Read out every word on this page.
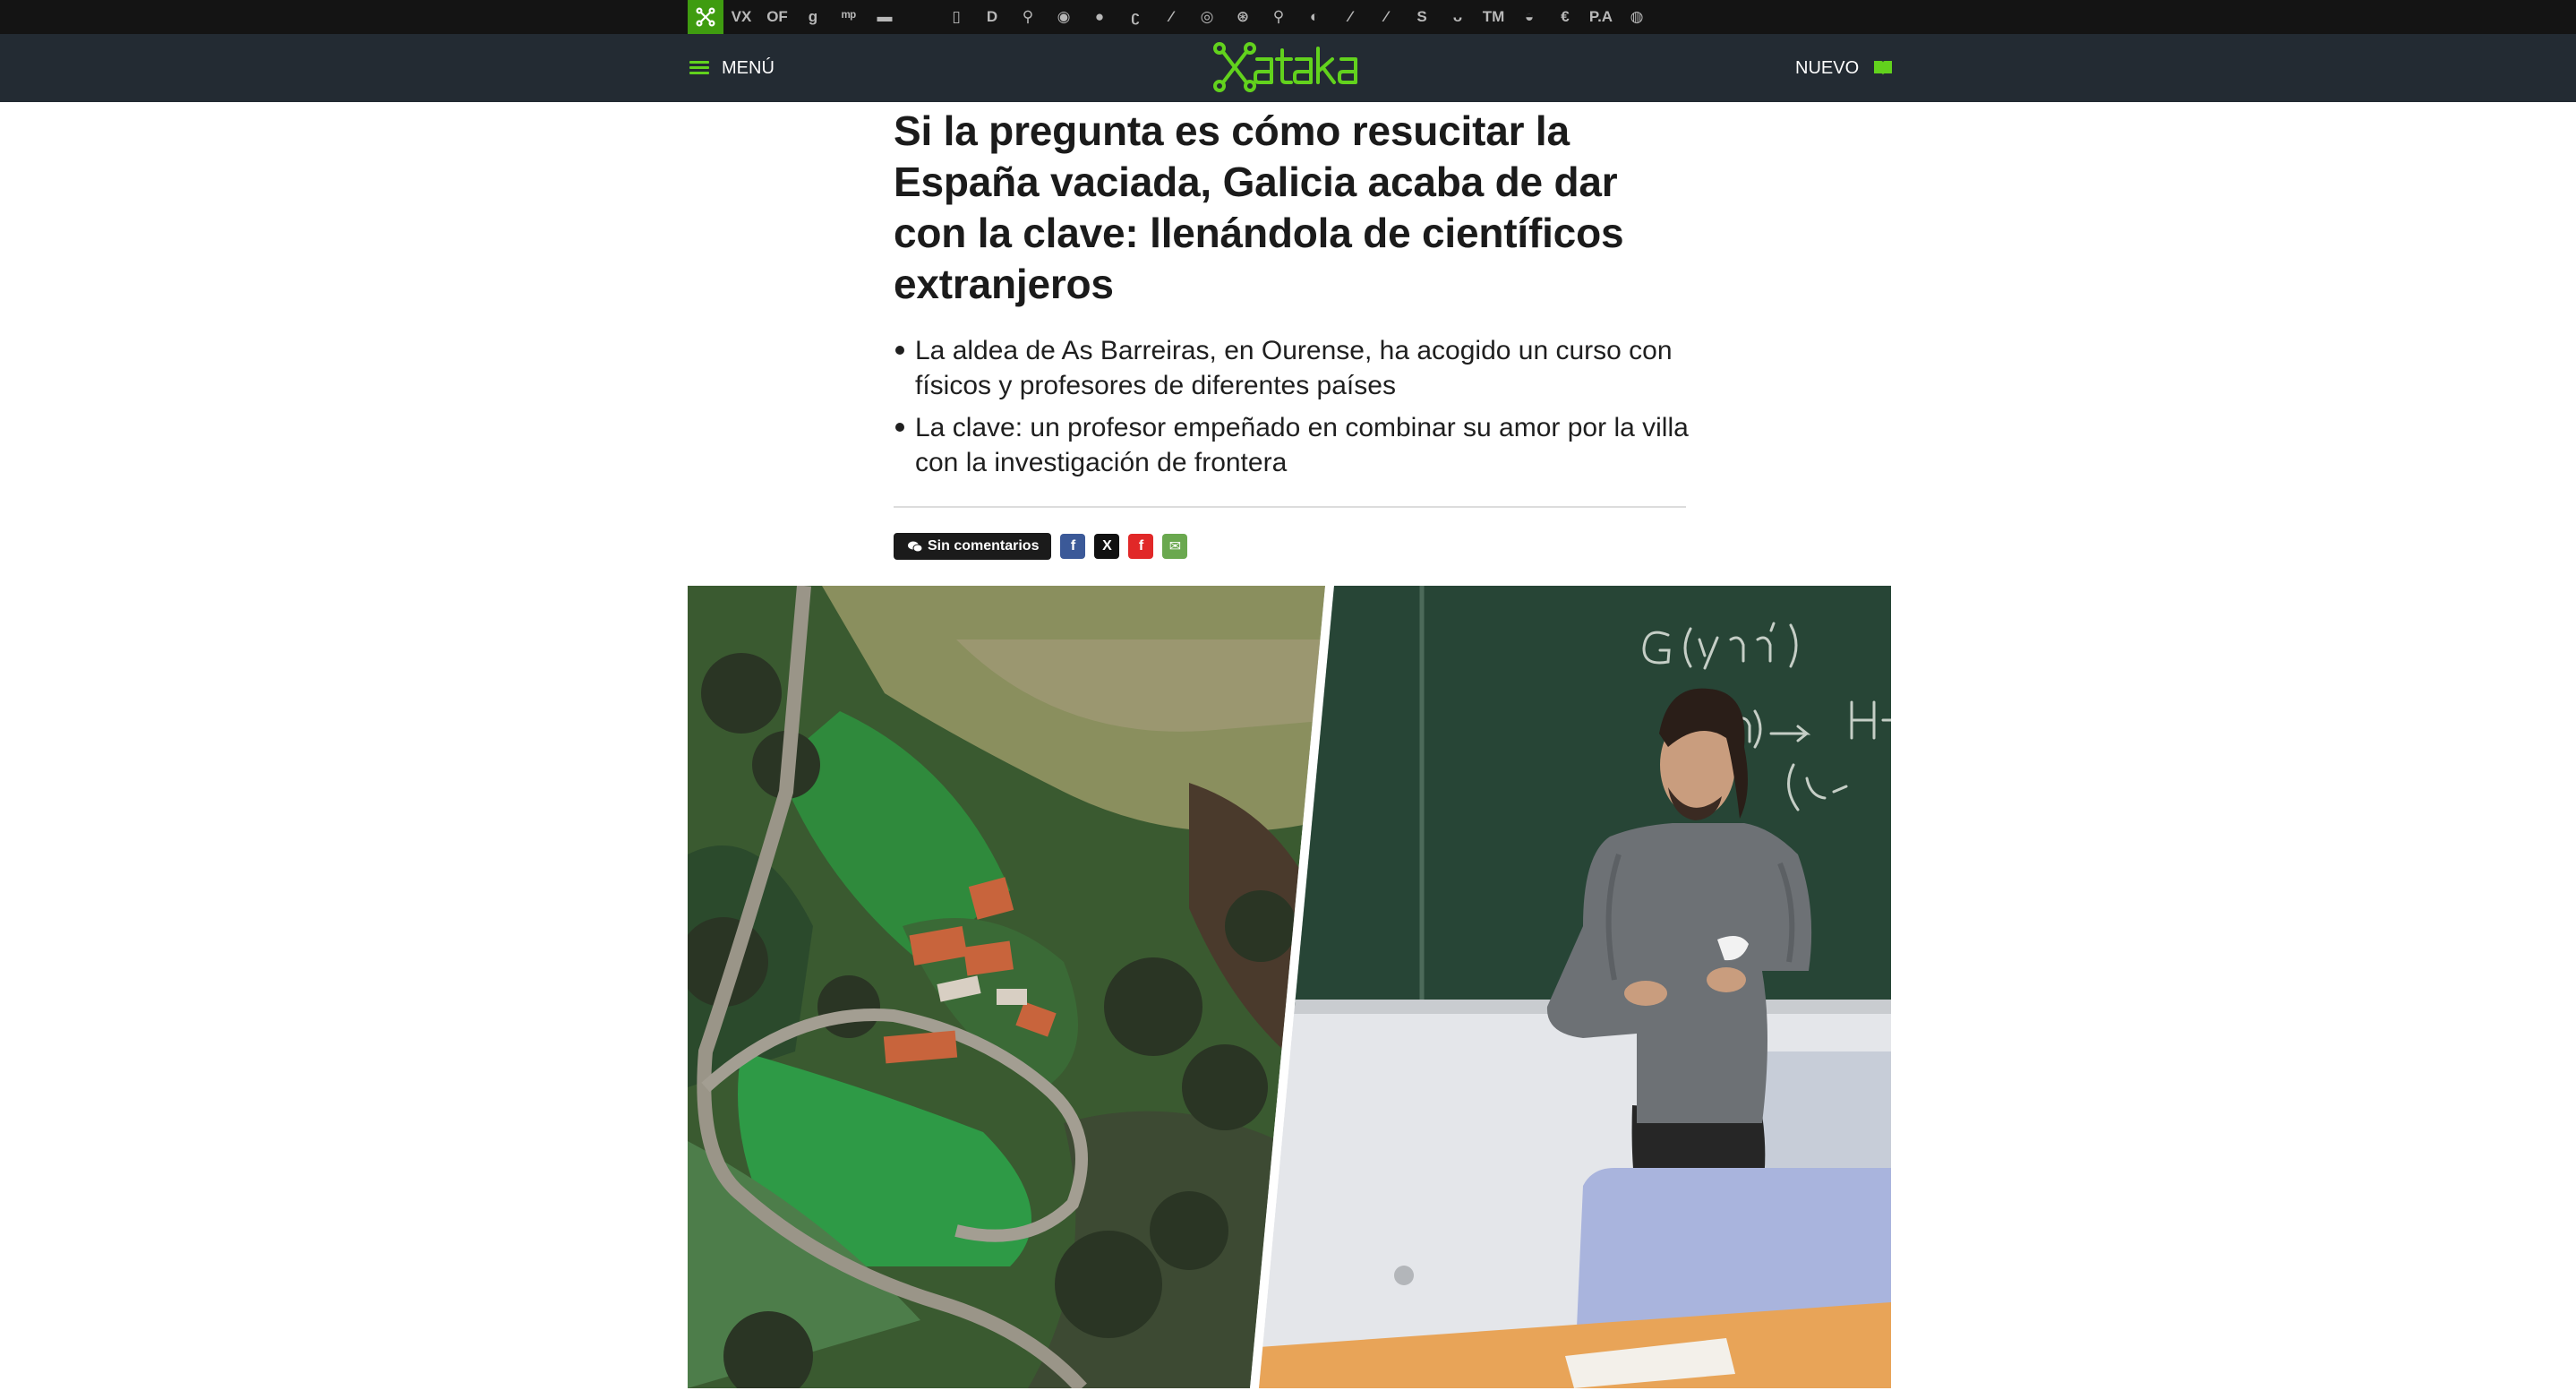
VX OF ɡ ᵐᵖ ▬	▯ D ⚲ ◉ ● ʗ ⁄ ◎ ⊛ ⚲ ◐ ⁄ ⁄ S ᴗ TM ◒ € P.A ◍
MENÚ	NUEVO
Si la pregunta es cómo resucitar la España vaciada, Galicia acaba de dar con la clave: llenándola de científicos extranjeros
La aldea de As Barreiras, en Ourense, ha acogido un curso con físicos y profesores de diferentes países
La clave: un profesor empeñado en combinar su amor por la villa con la investigación de frontera
Sin comentarios f X f ✉
